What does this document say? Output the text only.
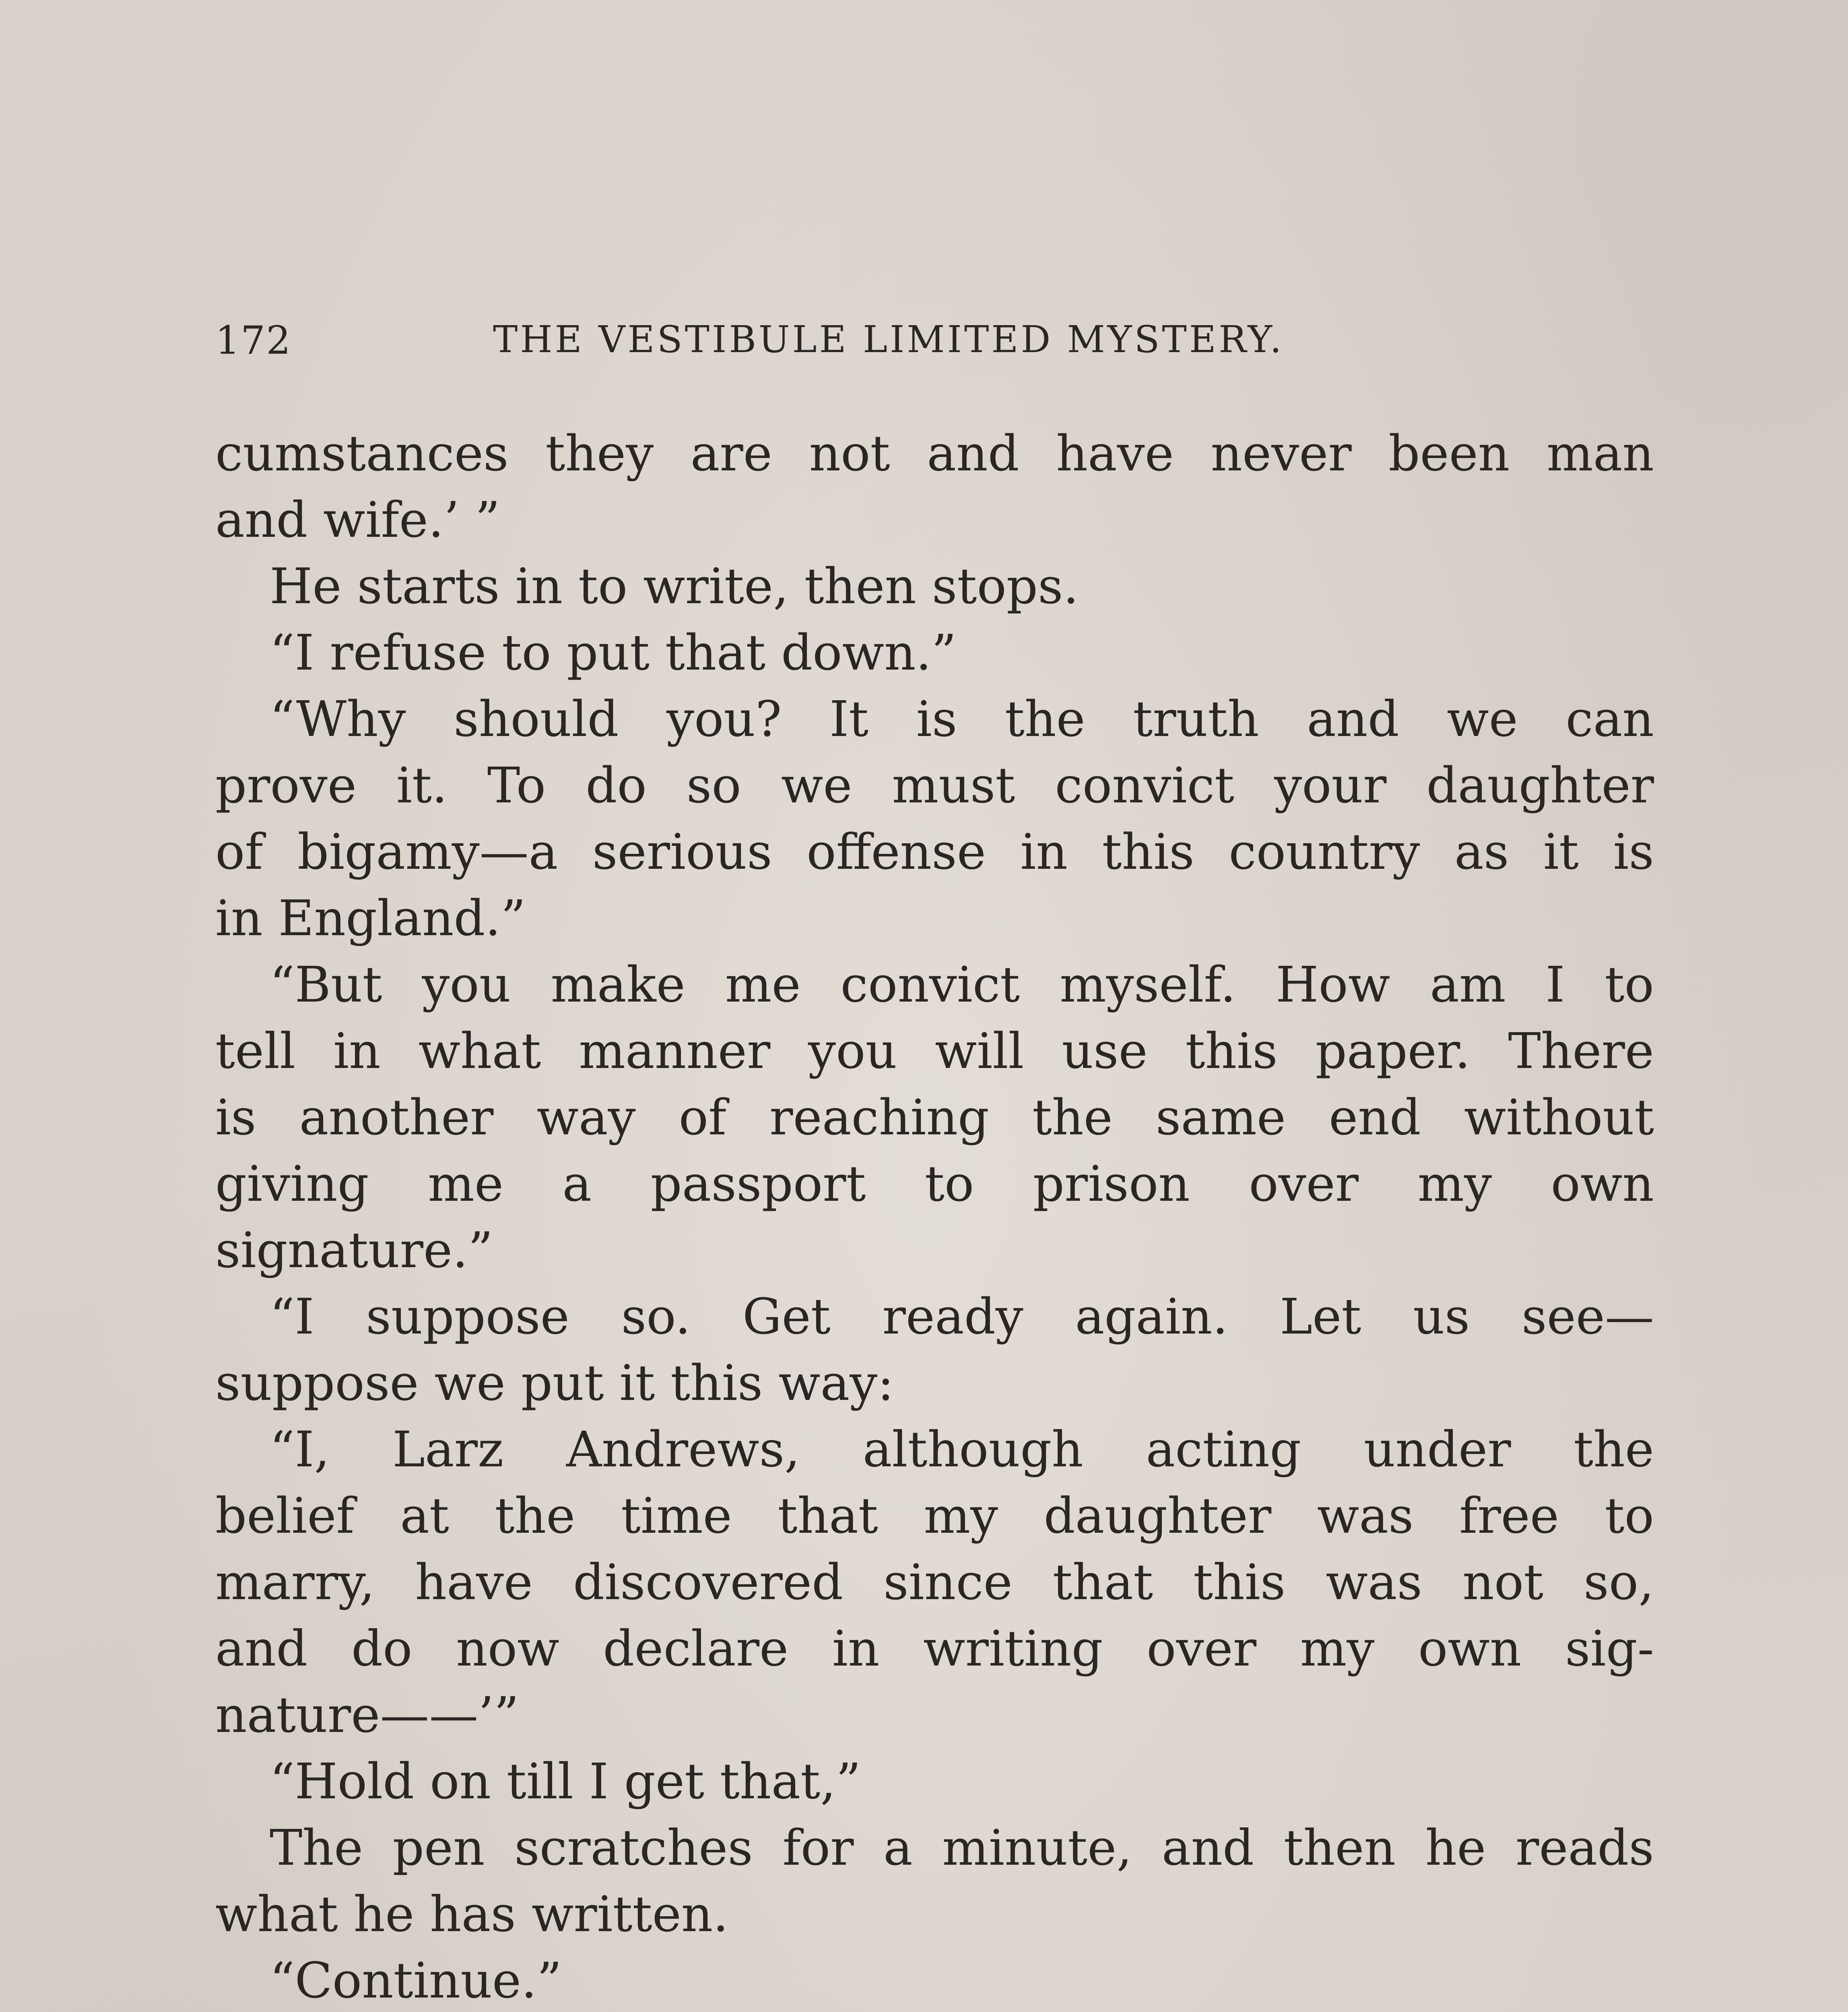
172	THE VESTIBULE LIMITED MYSTERY.
cumstances they are not and have never been man
and wife.’ ”
He starts in to write, then stops.
“I refuse to put that down.”
“Why should you? It is the truth and we can
prove it. To do so we must convict your daughter
of bigamy—a serious offense in this country as it is
in England.”
“But you make me convict myself. How am I to
tell in what manner you will use this paper. There
is another way of reaching the same end without
giving me a passport to prison over my own
signature.”
“I suppose so. Get ready again. Let us see—
suppose we put it this way:
“I, Larz Andrews, although acting under the
belief at the time that my daughter was free to
marry, have discovered since that this was not so,
and do now declare in writing over my own sig-
nature——’”
“Hold on till I get that,”
The pen scratches for a minute, and then he reads
what he has written.
“Continue.”
